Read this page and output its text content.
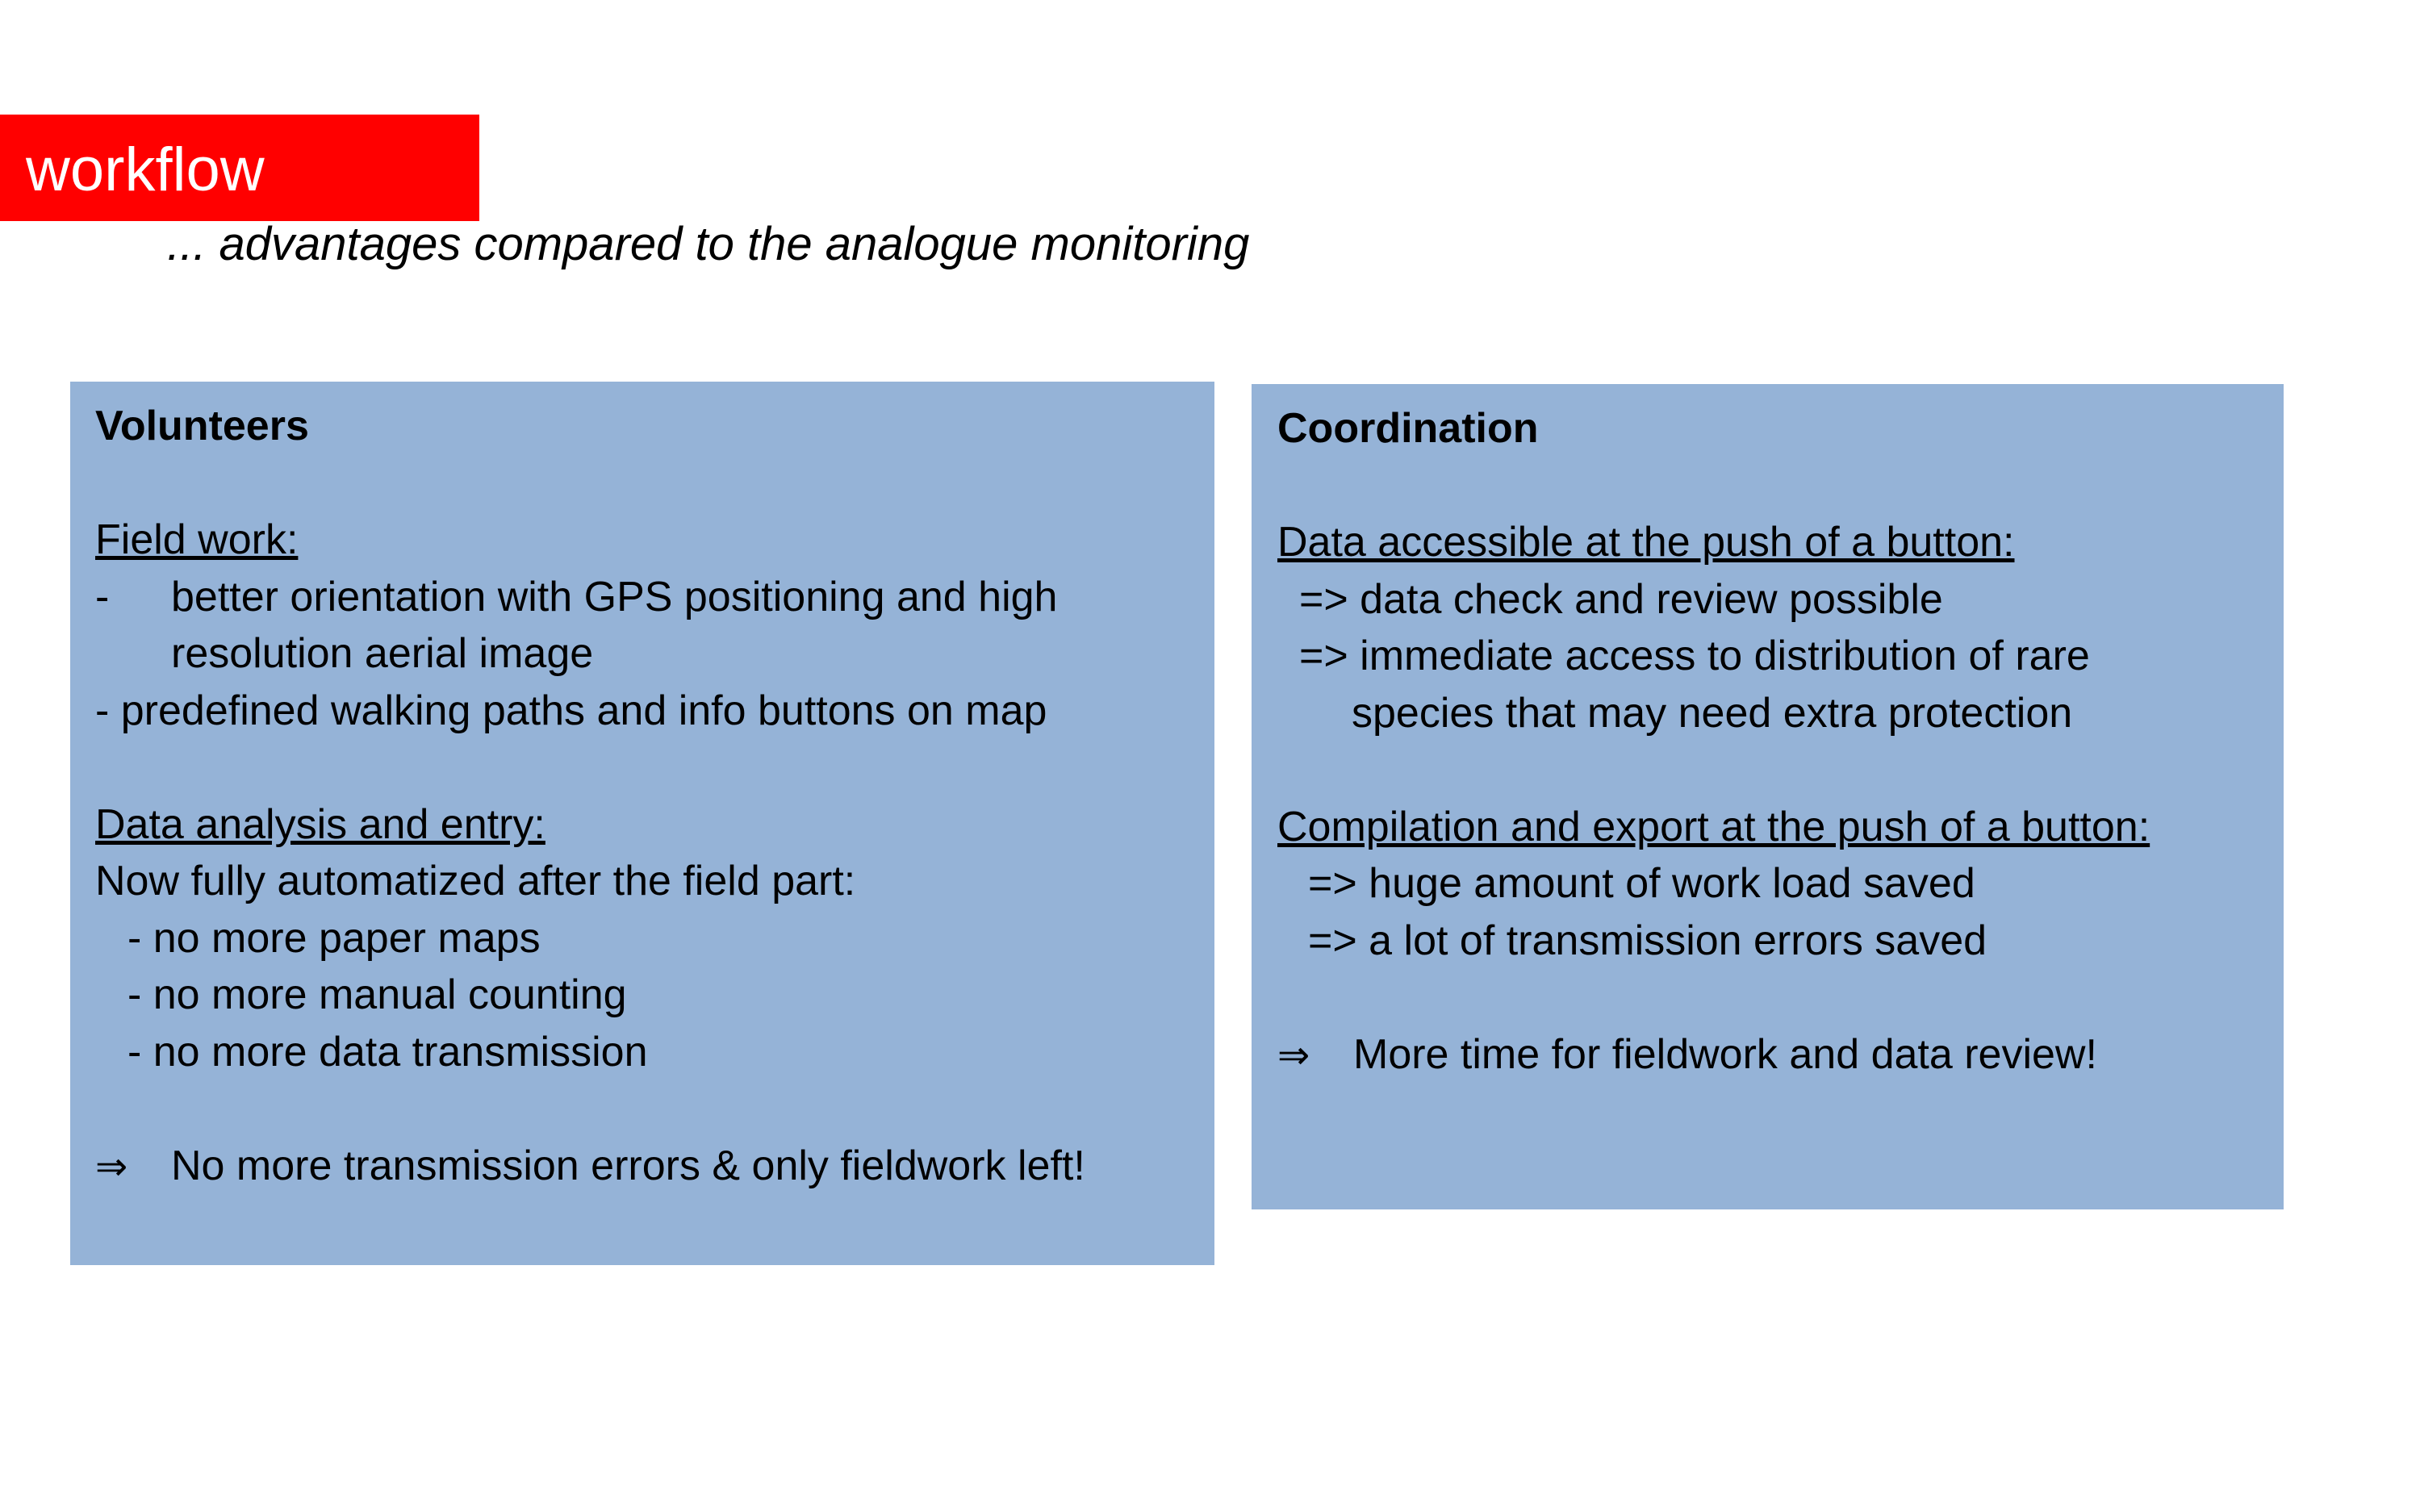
workflow
... advantages compared to the analogue monitoring
Volunteers
Field work:
- better orientation with GPS positioning and high
resolution aerial image
- predefined walking paths and info buttons on map
Data analysis and entry:
Now fully automatized after the field part:
- no more paper maps
- no more manual counting
- no more data transmission
⇒ No more transmission errors & only fieldwork left!
Coordination
Data accessible at the push of a button:
=> data check and review possible
=> immediate access to distribution of rare
species that may need extra protection
Compilation and export at the push of a button:
=> huge amount of work load saved
=> a lot of transmission errors saved
⇒ More time for fieldwork and data review!
